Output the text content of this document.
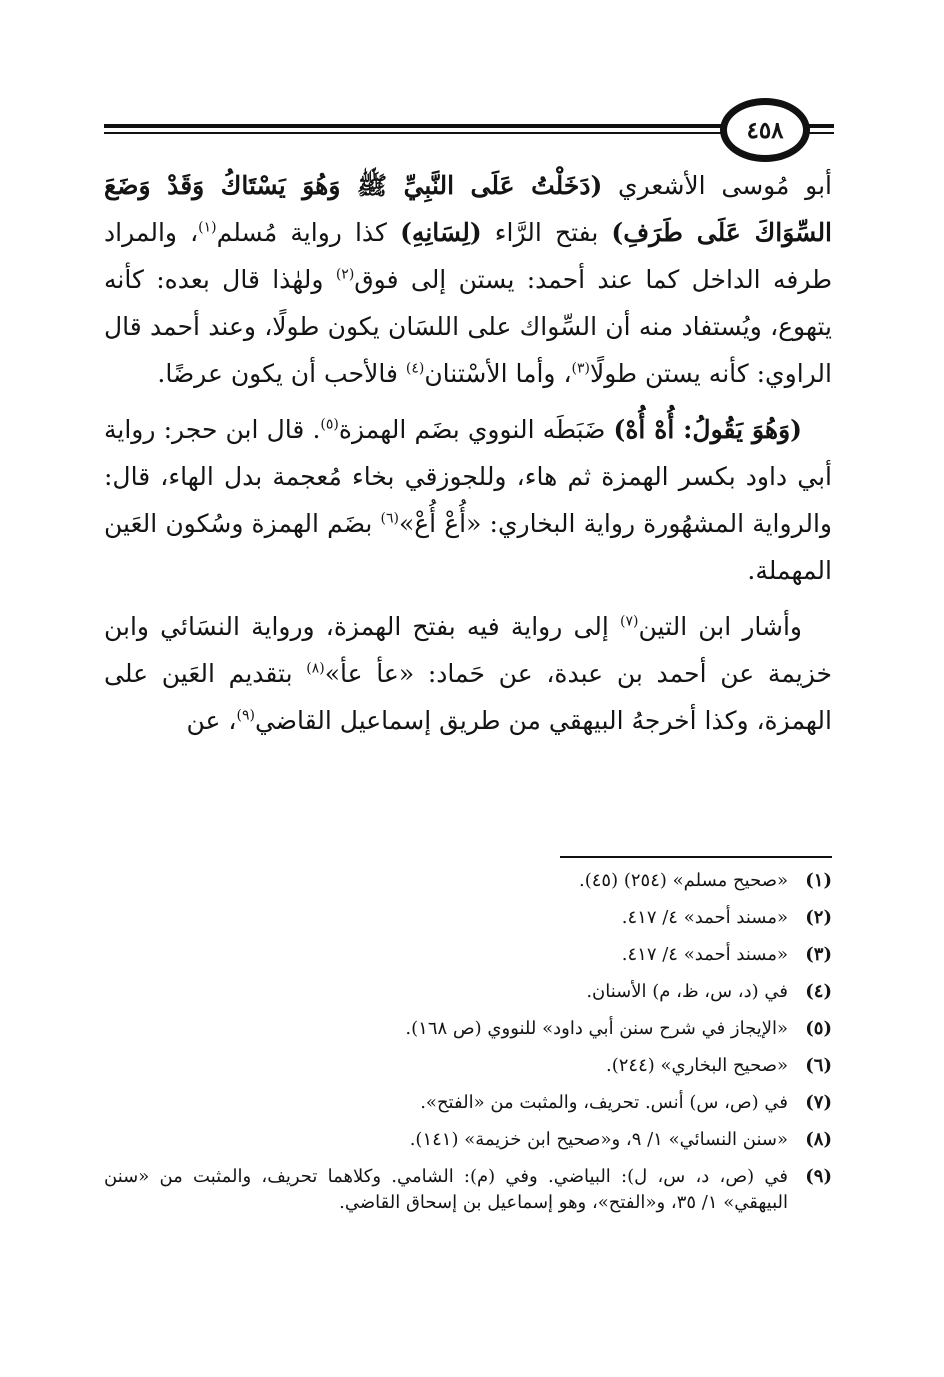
٤٥٨

أبو مُوسى الأشعري (دَخَلْتُ عَلَى النَّبِيِّ ﷺ وَهُوَ يَسْتَاكُ وَقَدْ وَضَعَ السِّوَاكَ عَلَى طَرَفِ) بفتح الرَّاء (لِسَانِهِ) كذا رواية مُسلم$^{(١)}$، والمراد طرفه الداخل كما عند أحمد: يستن إلى فوق$^{(٢)}$ ولهٰذا قال بعده: كأنه يتهوع، ويُستفاد منه أن السِّواك على اللسَان يكون طولًا، وعند أحمد قال الراوي: كأنه يستن طولًا$^{(٣)}$، وأما الأسْتنان$^{(٤)}$ فالأحب أن يكون عرضًا.

(وَهُوَ يَقُولُ: أُهْ أُهْ) ضَبَطَه النووي بضَم الهمزة$^{(٥)}$. قال ابن حجر: رواية أبي داود بكسر الهمزة ثم هاء، وللجوزقي بخاء مُعجمة بدل الهاء، قال: والرواية المشهُورة رواية البخاري: «أُعْ أُعْ»$^{(٦)}$ بضَم الهمزة وسُكون العَين المهملة.

وأشار ابن التين$^{(٧)}$ إلى رواية فيه بفتح الهمزة، ورواية النسَائي وابن خزيمة عن أحمد بن عبدة، عن حَماد: «عأ عأ»$^{(٨)}$ بتقديم العَين على الهمزة، وكذا أخرجهُ البيهقي من طريق إسماعيل القاضي$^{(٩)}$، عن

(١)
«صحيح مسلم» (٢٥٤) (٤٥).
(٢)
«مسند أحمد» ٤/ ٤١٧.
(٣)
«مسند أحمد» ٤/ ٤١٧.
(٤)
في (د، س، ظ، م) الأسنان.
(٥)
«الإيجاز في شرح سنن أبي داود» للنووي (ص ١٦٨).
(٦)
«صحيح البخاري» (٢٤٤).
(٧)
في (ص، س) أنس. تحريف، والمثبت من «الفتح».
(٨)
«سنن النسائي» ١/ ٩، و«صحيح ابن خزيمة» (١٤١).
(٩)
في (ص، د، س، ل): البياضي. وفي (م): الشامي. وكلاهما تحريف، والمثبت من «سنن البيهقي» ١/ ٣٥، و«الفتح»، وهو إسماعيل بن إسحاق القاضي.
